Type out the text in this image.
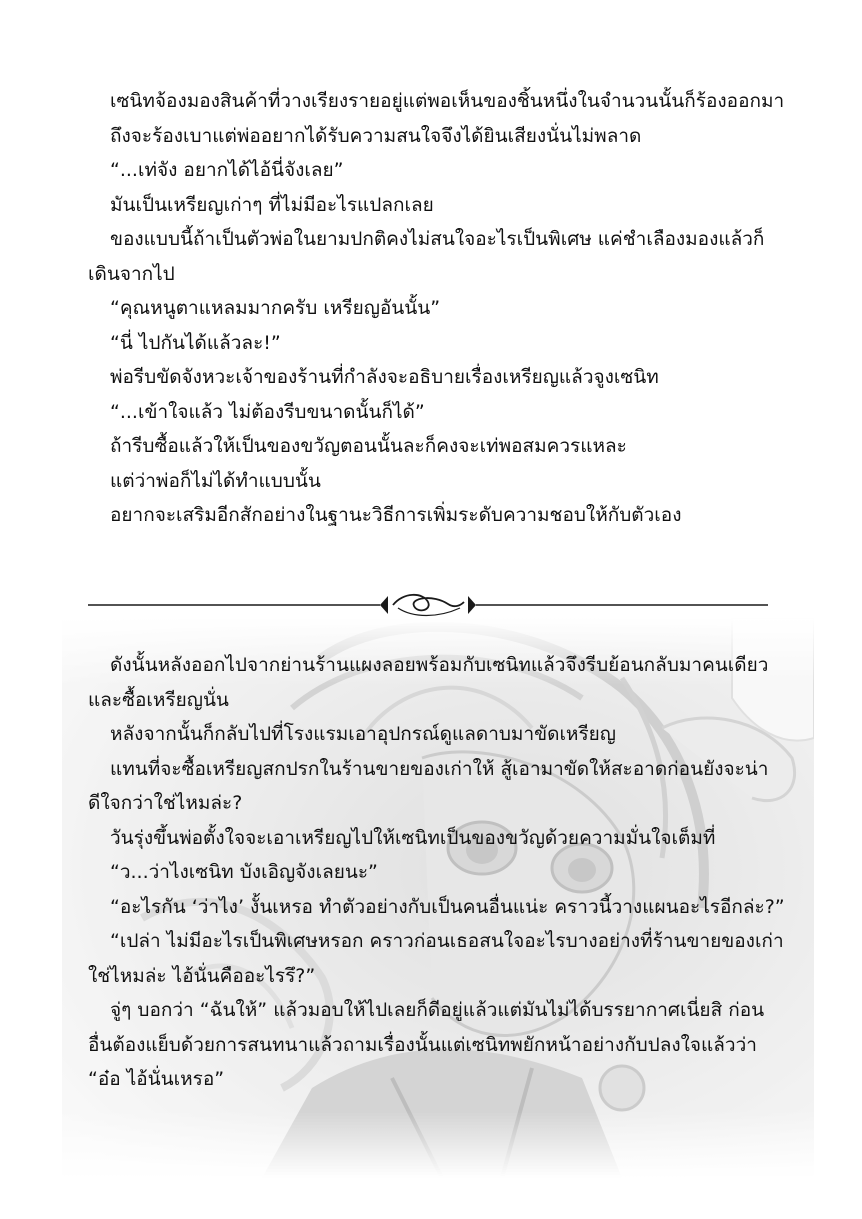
เซนิทจ้องมองสินค้าที่วางเรียงรายอยู่แต่พอเห็นของชิ้นหนึ่งในจำนวนนั้นก็ร้องออกมา

ถึงจะร้องเบาแต่พ่ออยากได้รับความสนใจจึงได้ยินเสียงนั่นไม่พลาด

“...เท่จัง อยากได้ไอ้นี่จังเลย”

มันเป็นเหรียญเก่าๆ ที่ไม่มีอะไรแปลกเลย

ของแบบนี้ถ้าเป็นตัวพ่อในยามปกติคงไม่สนใจอะไรเป็นพิเศษ แค่ชำเลืองมองแล้วก็เดินจากไป

“คุณหนูตาแหลมมากครับ เหรียญอันนั้น”

“นี่ ไปกันได้แล้วละ!”

พ่อรีบขัดจังหวะเจ้าของร้านที่กำลังจะอธิบายเรื่องเหรียญแล้วจูงเซนิท

“...เข้าใจแล้ว ไม่ต้องรีบขนาดนั้นก็ได้”

ถ้ารีบซื้อแล้วให้เป็นของขวัญตอนนั้นละก็คงจะเท่พอสมควรแหละ

แต่ว่าพ่อก็ไม่ได้ทำแบบนั้น

อยากจะเสริมอีกสักอย่างในฐานะวิธีการเพิ่มระดับความชอบให้กับตัวเอง

ดังนั้นหลังออกไปจากย่านร้านแผงลอยพร้อมกับเซนิทแล้วจึงรีบย้อนกลับมาคนเดียวและซื้อเหรียญนั่น

หลังจากนั้นก็กลับไปที่โรงแรมเอาอุปกรณ์ดูแลดาบมาขัดเหรียญ

แทนที่จะซื้อเหรียญสกปรกในร้านขายของเก่าให้ สู้เอามาขัดให้สะอาดก่อนยังจะน่าดีใจกว่าใช่ไหมล่ะ?

วันรุ่งขึ้นพ่อตั้งใจจะเอาเหรียญไปให้เซนิทเป็นของขวัญด้วยความมั่นใจเต็มที่

“ว...ว่าไงเซนิท บังเอิญจังเลยนะ”

“อะไรกัน ‘ว่าไง’ งั้นเหรอ ทำตัวอย่างกับเป็นคนอื่นแน่ะ คราวนี้วางแผนอะไรอีกล่ะ?”

“เปล่า ไม่มีอะไรเป็นพิเศษหรอก คราวก่อนเธอสนใจอะไรบางอย่างที่ร้านขายของเก่าใช่ไหมล่ะ ไอ้นั่นคืออะไรรึ?”

จู่ๆ บอกว่า “ฉันให้” แล้วมอบให้ไปเลยก็ดีอยู่แล้วแต่มันไม่ได้บรรยากาศเนี่ยสิ ก่อนอื่นต้องแย็บด้วยการสนทนาแล้วถามเรื่องนั้นแต่เซนิทพยักหน้าอย่างกับปลงใจแล้วว่า “อ๋อ ไอ้นั่นเหรอ”
